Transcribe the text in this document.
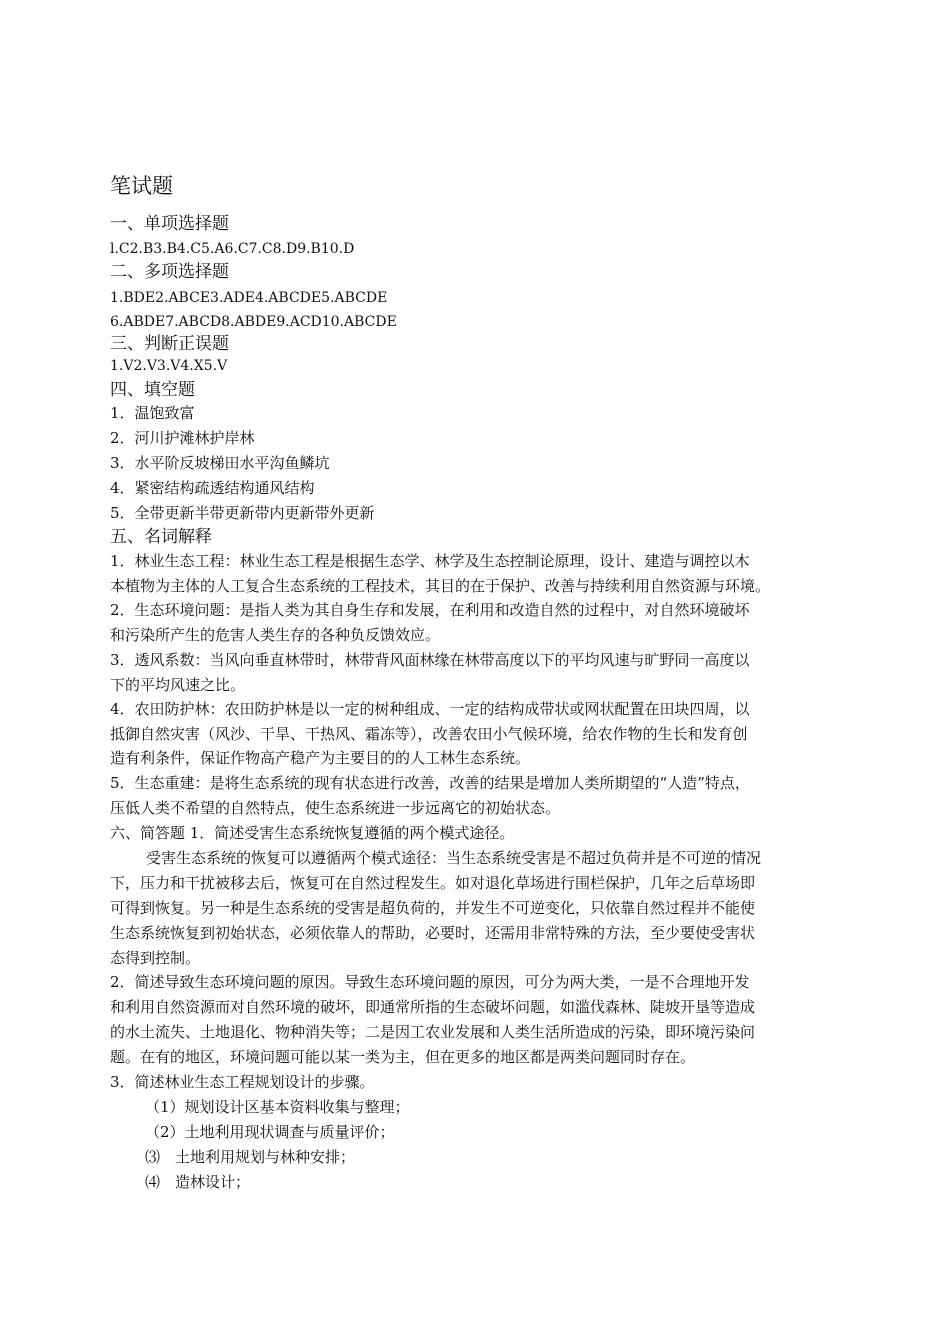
笔试题
一、单项选择题
l.C2.B3.B4.C5.A6.C7.C8.D9.B10.D
二、多项选择题
1.BDE2.ABCE3.ADE4.ABCDE5.ABCDE
6.ABDE7.ABCD8.ABDE9.ACD10.ABCDE
三、判断正误题
1.V2.V3.V4.X5.V
四、填空题
1．温饱致富
2．河川护滩林护岸林
3．水平阶反坡梯田水平沟鱼鳞坑
4．紧密结构疏透结构通风结构
5．全带更新半带更新带内更新带外更新
五、名词解释
1．林业生态工程：林业生态工程是根据生态学、林学及生态控制论原理，设计、建造与调控以木
本植物为主体的人工复合生态系统的工程技术，其目的在于保护、改善与持续利用自然资源与环境。
2．生态环境问题：是指人类为其自身生存和发展，在利用和改造自然的过程中，对自然环境破坏
和污染所产生的危害人类生存的各种负反馈效应。
3．透风系数：当风向垂直林带时，林带背风面林缘在林带高度以下的平均风速与旷野同一高度以
下的平均风速之比。
4．农田防护林：农田防护林是以一定的树种组成、一定的结构成带状或网状配置在田块四周，以
抵御自然灾害（风沙、干旱、干热风、霜冻等），改善农田小气候环境，给农作物的生长和发育创
造有利条件，保证作物高产稳产为主要目的的人工林生态系统。
5．生态重建：是将生态系统的现有状态进行改善，改善的结果是增加人类所期望的“人造”特点，
压低人类不希望的自然特点，使生态系统进一步远离它的初始状态。
六、简答题 1．简述受害生态系统恢复遵循的两个模式途径。
受害生态系统的恢复可以遵循两个模式途径：当生态系统受害是不超过负荷并是不可逆的情况
下，压力和干扰被移去后，恢复可在自然过程发生。如对退化草场进行围栏保护，几年之后草场即
可得到恢复。另一种是生态系统的受害是超负荷的，并发生不可逆变化，只依靠自然过程并不能使
生态系统恢复到初始状态，必须依靠人的帮助，必要时，还需用非常特殊的方法，至少要使受害状
态得到控制。
2．简述导致生态环境问题的原因。导致生态环境问题的原因，可分为两大类，一是不合理地开发
和利用自然资源而对自然环境的破坏，即通常所指的生态破坏问题，如滥伐森林、陡坡开垦等造成
的水土流失、土地退化、物种消失等；二是因工农业发展和人类生活所造成的污染，即环境污染问
题。在有的地区，环境问题可能以某一类为主，但在更多的地区都是两类问题同时存在。
3．简述林业生态工程规划设计的步骤。
（1）规划设计区基本资料收集与整理；
（2）土地利用现状调查与质量评价；
⑶　土地利用规划与林种安排；
⑷　造林设计；
